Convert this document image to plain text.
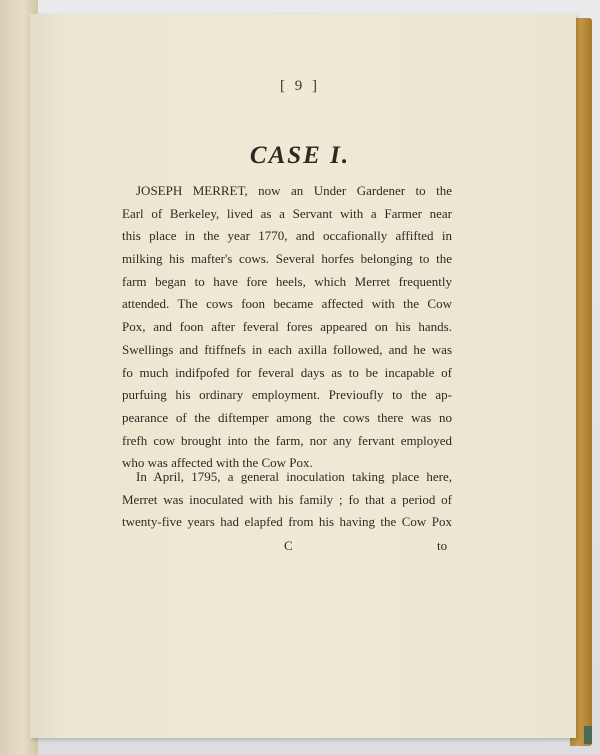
[ 9 ]
CASE I.
JOSEPH MERRET, now an Under Gardener to the
Earl of Berkeley, lived as a Servant with a Farmer near
this place in the year 1770, and occafionally affifted in
milking his mafter's cows. Several horfes belonging to the
farm began to have fore heels, which Merret frequently
attended. The cows foon became affected with the Cow
Pox, and foon after feveral fores appeared on his hands.
Swellings and ftiffnefs in each axilla followed, and he was
fo much indifpofed for feveral days as to be incapable of
purfuing his ordinary employment. Previoufly to the ap-
pearance of the diftemper among the cows there was no
frefh cow brought into the farm, nor any fervant employed
who was affected with the Cow Pox.
In April, 1795, a general inoculation taking place here,
Merret was inoculated with his family ; fo that a period of
twenty-five years had elapfed from his having the Cow Pox
C	to
